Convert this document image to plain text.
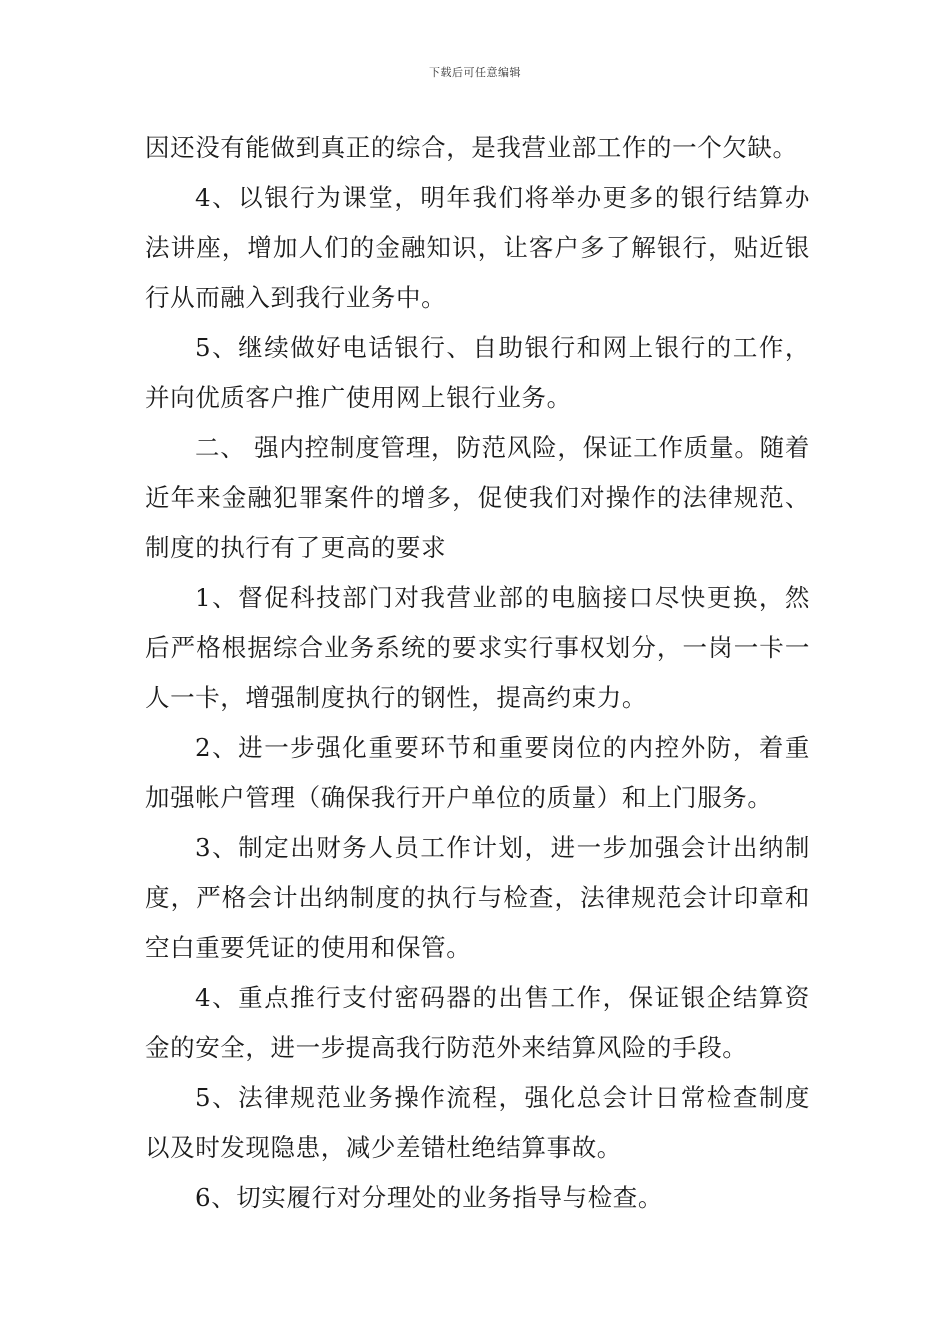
下载后可任意编辑

因还没有能做到真正的综合，是我营业部工作的一个欠缺。

4、以银行为课堂，明年我们将举办更多的银行结算办法讲座，增加人们的金融知识，让客户多了解银行，贴近银行从而融入到我行业务中。

5、继续做好电话银行、自助银行和网上银行的工作，并向优质客户推广使用网上银行业务。

二、 强内控制度管理，防范风险，保证工作质量。随着近年来金融犯罪案件的增多，促使我们对操作的法律规范、制度的执行有了更高的要求

1、督促科技部门对我营业部的电脑接口尽快更换，然后严格根据综合业务系统的要求实行事权划分，一岗一卡一人一卡，增强制度执行的钢性，提高约束力。

2、进一步强化重要环节和重要岗位的内控外防，着重加强帐户管理（确保我行开户单位的质量）和上门服务。

3、制定出财务人员工作计划，进一步加强会计出纳制度，严格会计出纳制度的执行与检查，法律规范会计印章和空白重要凭证的使用和保管。

4、重点推行支付密码器的出售工作，保证银企结算资金的安全，进一步提高我行防范外来结算风险的手段。

5、法律规范业务操作流程，强化总会计日常检查制度以及时发现隐患，减少差错杜绝结算事故。

6、切实履行对分理处的业务指导与检查。
